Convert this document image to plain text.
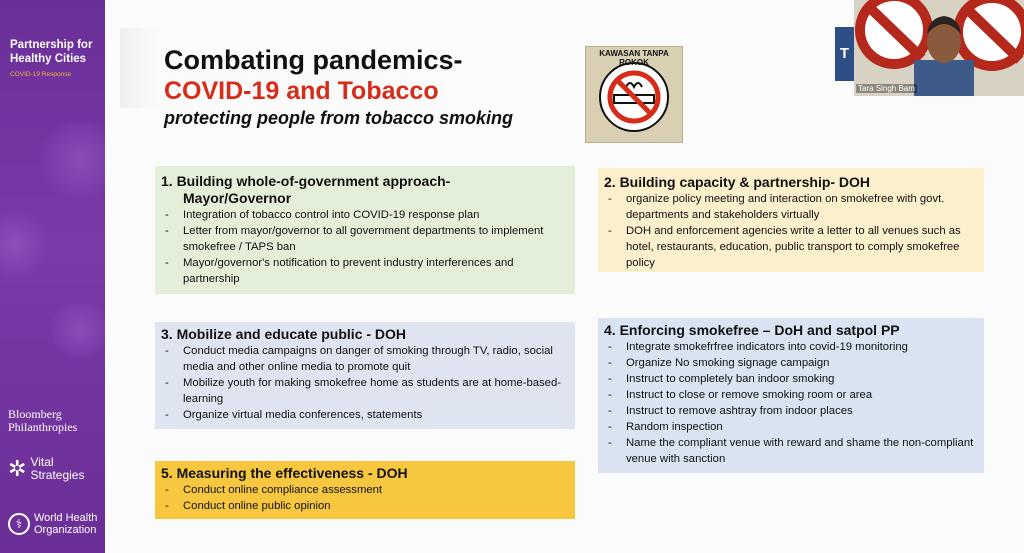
Partnership for Healthy Cities
COVID-19 Response
Bloomberg Philanthropies
✲ Vital Strategies
⚕	World Health Organization
Combating pandemics-
COVID-19 and Tobacco
protecting people from tobacco smoking
KAWASAN TANPA ROKOK
1. Building whole-of-government approach-
Mayor/Governor
- Integration of tobacco control into COVID-19 response plan
- Letter from mayor/governor to all government departments to implement smokefree / TAPS ban
- Mayor/governor's notification to prevent industry interferences and partnership
2. Building capacity & partnership- DOH
- organize policy meeting and interaction on smokefree with govt. departments and stakeholders virtually
- DOH and enforcement agencies write a letter to all venues such as hotel, restaurants, education, public transport to comply smokefree policy
3. Mobilize and educate public - DOH
- Conduct media campaigns on danger of smoking through TV, radio, social media and other online media to promote quit
- Mobilize youth for making smokefree home as students are at home-based-learning
- Organize virtual media conferences, statements
4. Enforcing smokefree – DoH and satpol PP
- Integrate smokefrfree indicators into covid-19 monitoring
- Organize No smoking signage campaign
- Instruct to completely ban indoor smoking
- Instruct to close or remove smoking room or area
- Instruct to remove ashtray from indoor places
- Random inspection
- Name the compliant venue with reward and shame the non-compliant venue with sanction
5. Measuring the effectiveness - DOH
- Conduct online compliance assessment
- Conduct online public opinion
T
Tara Singh Bam
